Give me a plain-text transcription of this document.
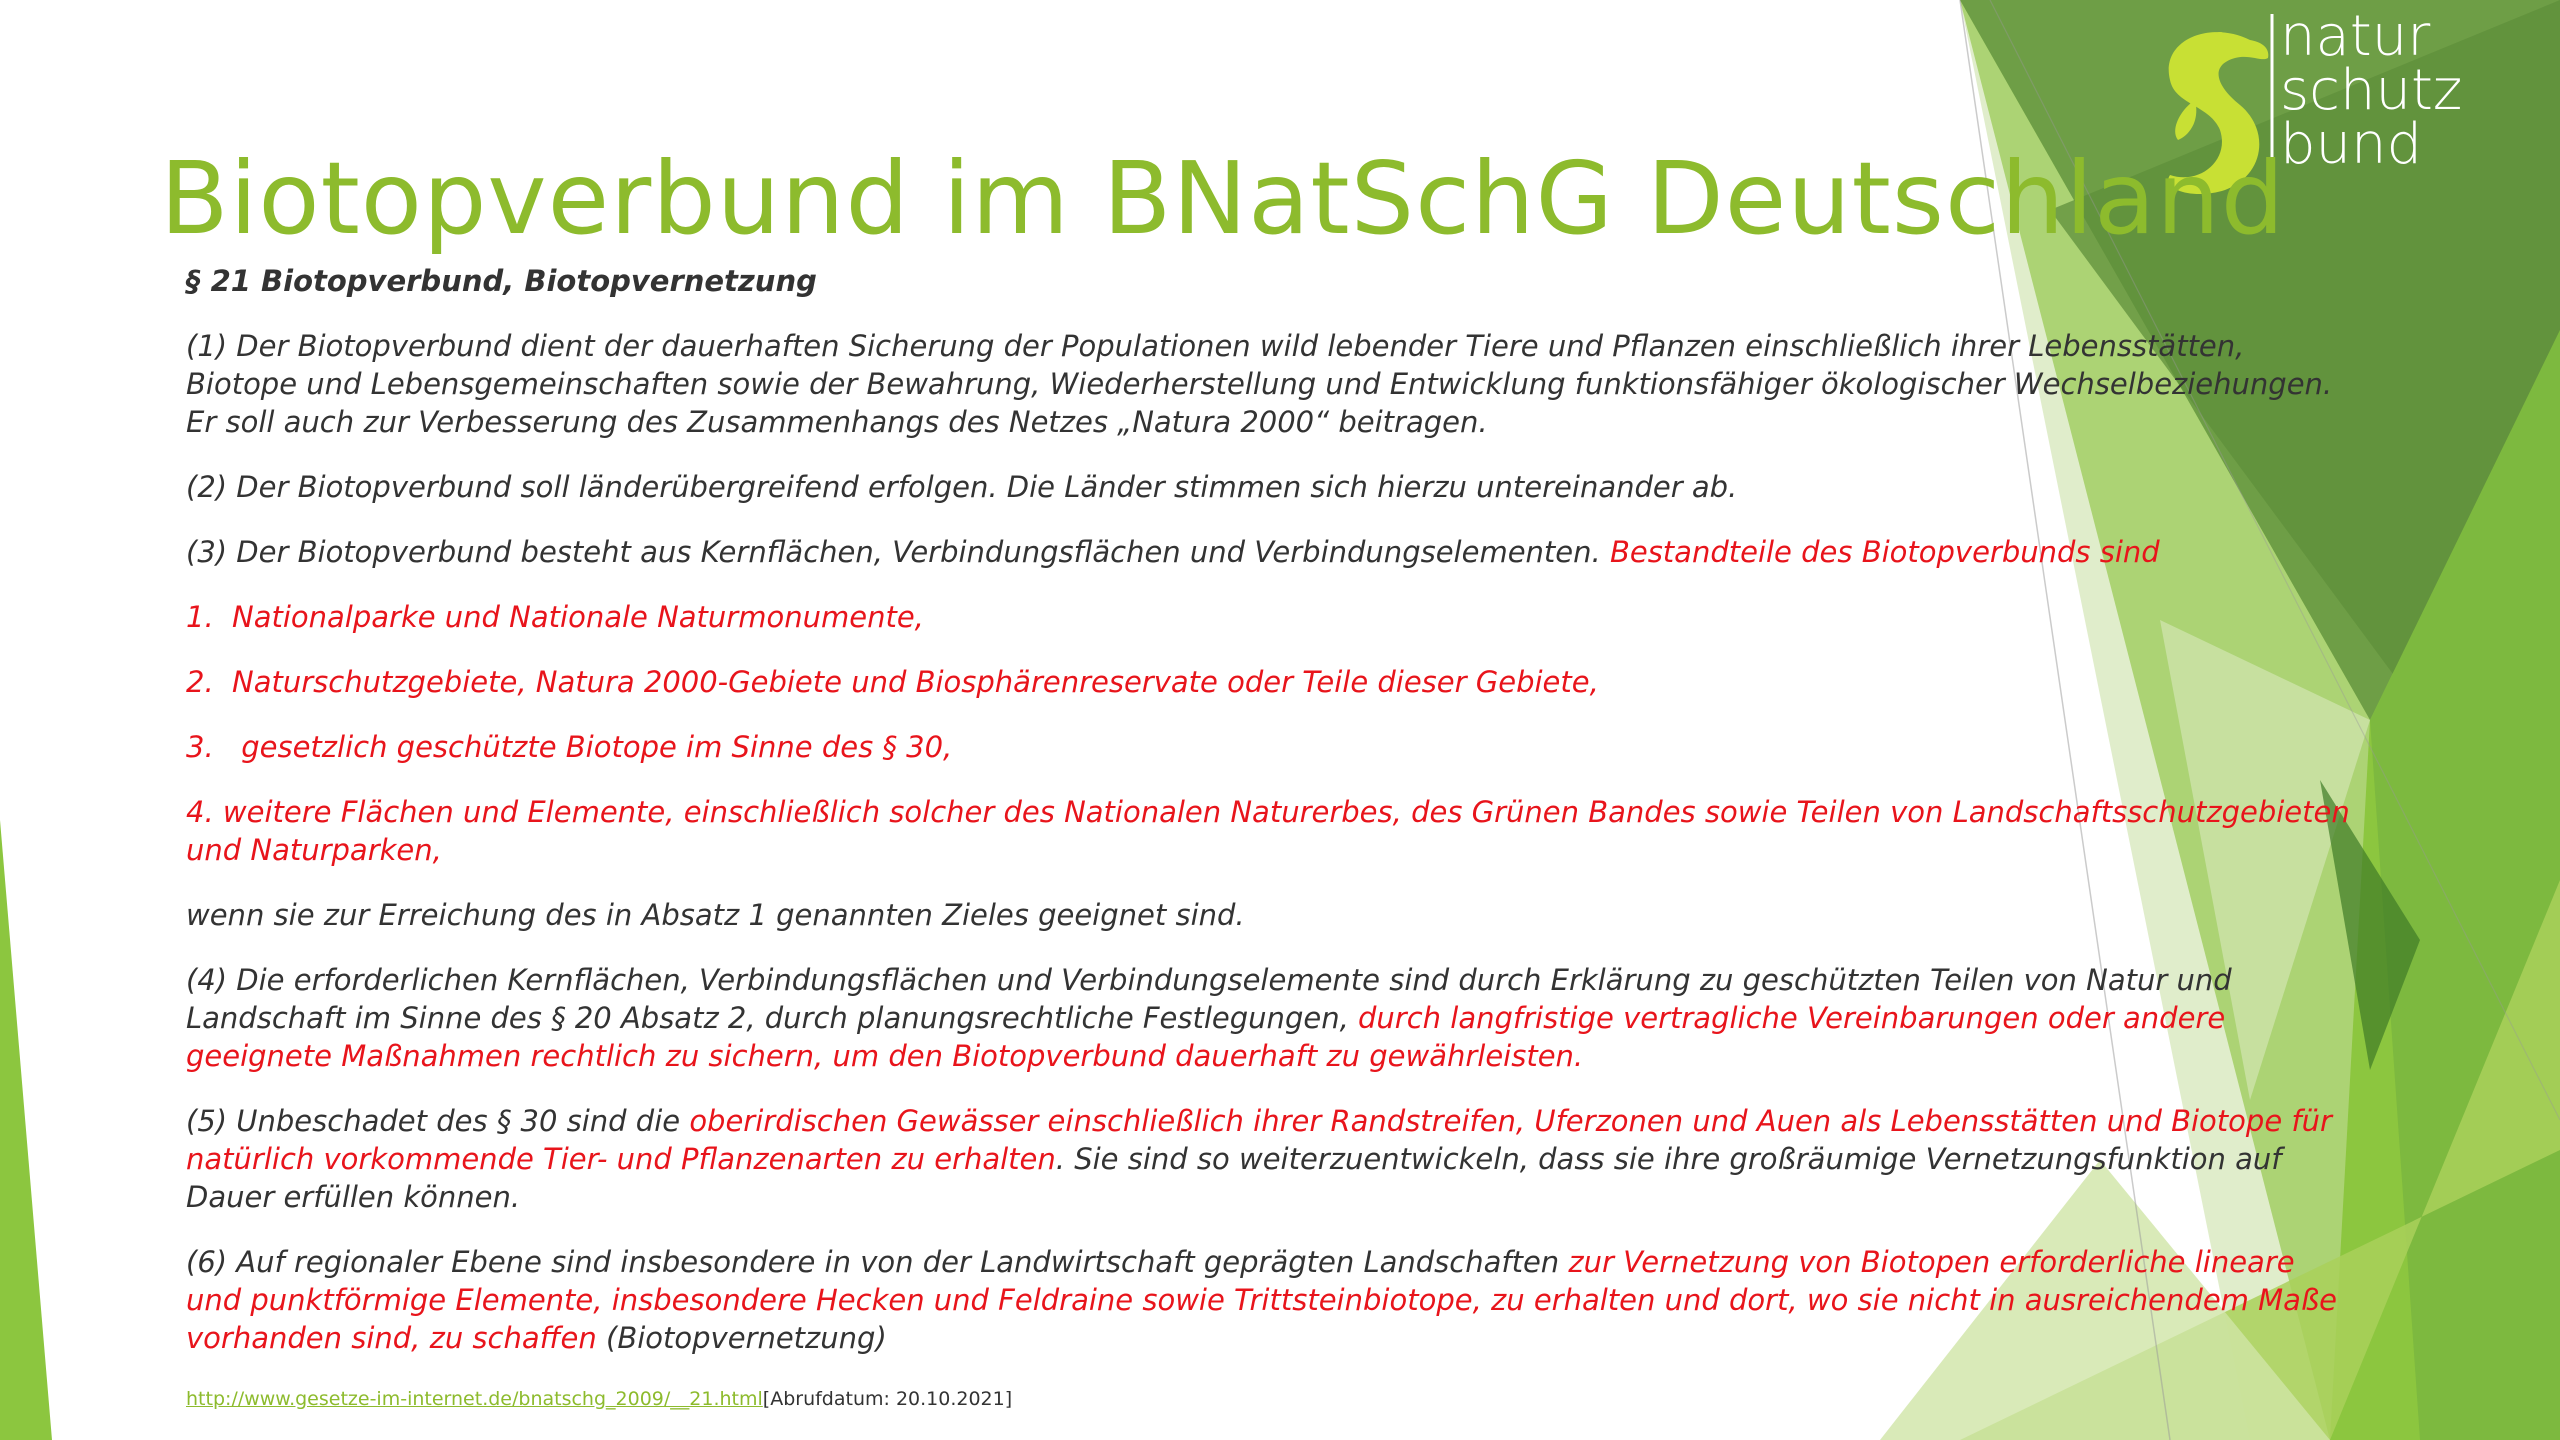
natur
schutz
bund
Biotopverbund im BNatSchG Deutschland

§ 21 Biotopverbund, Biotopvernetzung

(1) Der Biotopverbund dient der dauerhaften Sicherung der Populationen wild lebender Tiere und Pflanzen einschließlich ihrer Lebensstätten, Biotope und Lebensgemeinschaften sowie der Bewahrung, Wiederherstellung und Entwicklung funktionsfähiger ökologischer Wechselbeziehungen. Er soll auch zur Verbesserung des Zusammenhangs des Netzes „Natura 2000“ beitragen.

(2) Der Biotopverbund soll länderübergreifend erfolgen. Die Länder stimmen sich hierzu untereinander ab.

(3) Der Biotopverbund besteht aus Kernflächen, Verbindungsflächen und Verbindungselementen. Bestandteile des Biotopverbunds sind

1. Nationalparke und Nationale Naturmonumente,

2. Naturschutzgebiete, Natura 2000-Gebiete und Biosphärenreservate oder Teile dieser Gebiete,

3. gesetzlich geschützte Biotope im Sinne des § 30,

4. weitere Flächen und Elemente, einschließlich solcher des Nationalen Naturerbes, des Grünen Bandes sowie Teilen von Landschaftsschutzgebieten und Naturparken,

wenn sie zur Erreichung des in Absatz 1 genannten Zieles geeignet sind.

(4) Die erforderlichen Kernflächen, Verbindungsflächen und Verbindungselemente sind durch Erklärung zu geschützten Teilen von Natur und Landschaft im Sinne des § 20 Absatz 2, durch planungsrechtliche Festlegungen, durch langfristige vertragliche Vereinbarungen oder andere geeignete Maßnahmen rechtlich zu sichern, um den Biotopverbund dauerhaft zu gewährleisten.

(5) Unbeschadet des § 30 sind die oberirdischen Gewässer einschließlich ihrer Randstreifen, Uferzonen und Auen als Lebensstätten und Biotope für natürlich vorkommende Tier- und Pflanzenarten zu erhalten. Sie sind so weiterzuentwickeln, dass sie ihre großräumige Vernetzungsfunktion auf Dauer erfüllen können.

(6) Auf regionaler Ebene sind insbesondere in von der Landwirtschaft geprägten Landschaften zur Vernetzung von Biotopen erforderliche lineare und punktförmige Elemente, insbesondere Hecken und Feldraine sowie Trittsteinbiotope, zu erhalten und dort, wo sie nicht in ausreichendem Maße vorhanden sind, zu schaffen (Biotopvernetzung)

http://www.gesetze-im-internet.de/bnatschg_2009/__21.html[Abrufdatum: 20.10.2021]
